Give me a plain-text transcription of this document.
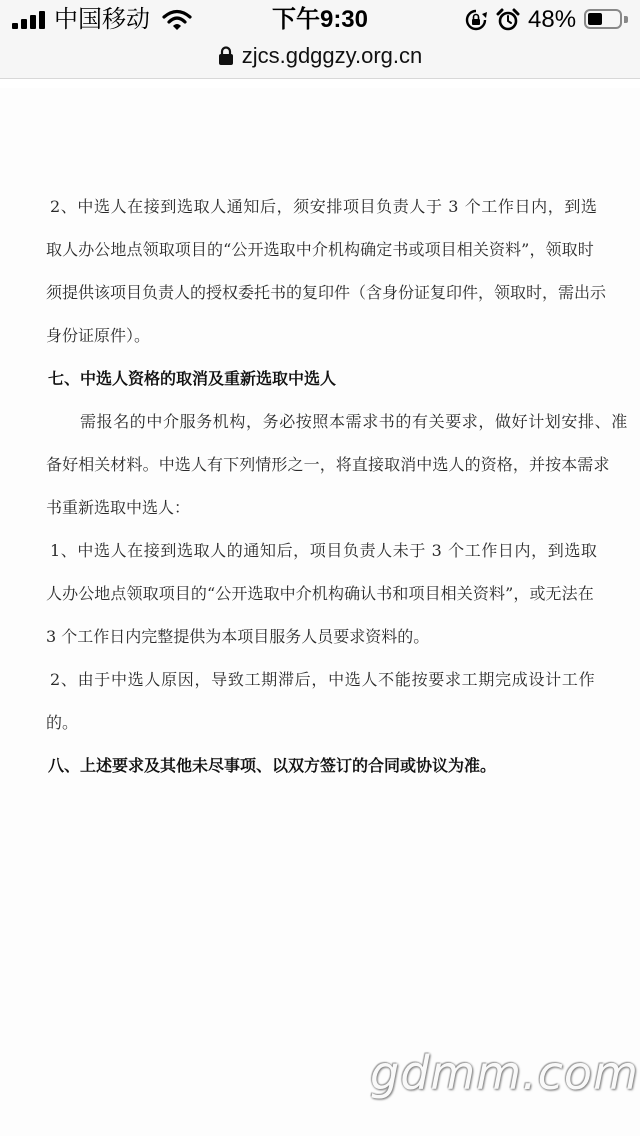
中国移动	下午9:30	48%
zjcs.gdggzy.org.cn
2、中选人在接到选取人通知后，须安排项目负责人于 3 个工作日内，到选
取人办公地点领取项目的“公开选取中介机构确定书或项目相关资料”，领取时
须提供该项目负责人的授权委托书的复印件（含身份证复印件，领取时，需出示
身份证原件）。
七、中选人资格的取消及重新选取中选人
需报名的中介服务机构，务必按照本需求书的有关要求，做好计划安排、准
备好相关材料。中选人有下列情形之一，将直接取消中选人的资格，并按本需求
书重新选取中选人：
1、中选人在接到选取人的通知后，项目负责人未于 3 个工作日内，到选取
人办公地点领取项目的“公开选取中介机构确认书和项目相关资料”，或无法在
3 个工作日内完整提供为本项目服务人员要求资料的。
2、由于中选人原因，导致工期滞后，中选人不能按要求工期完成设计工作
的。
八、上述要求及其他未尽事项、以双方签订的合同或协议为准。
gdmm.com
